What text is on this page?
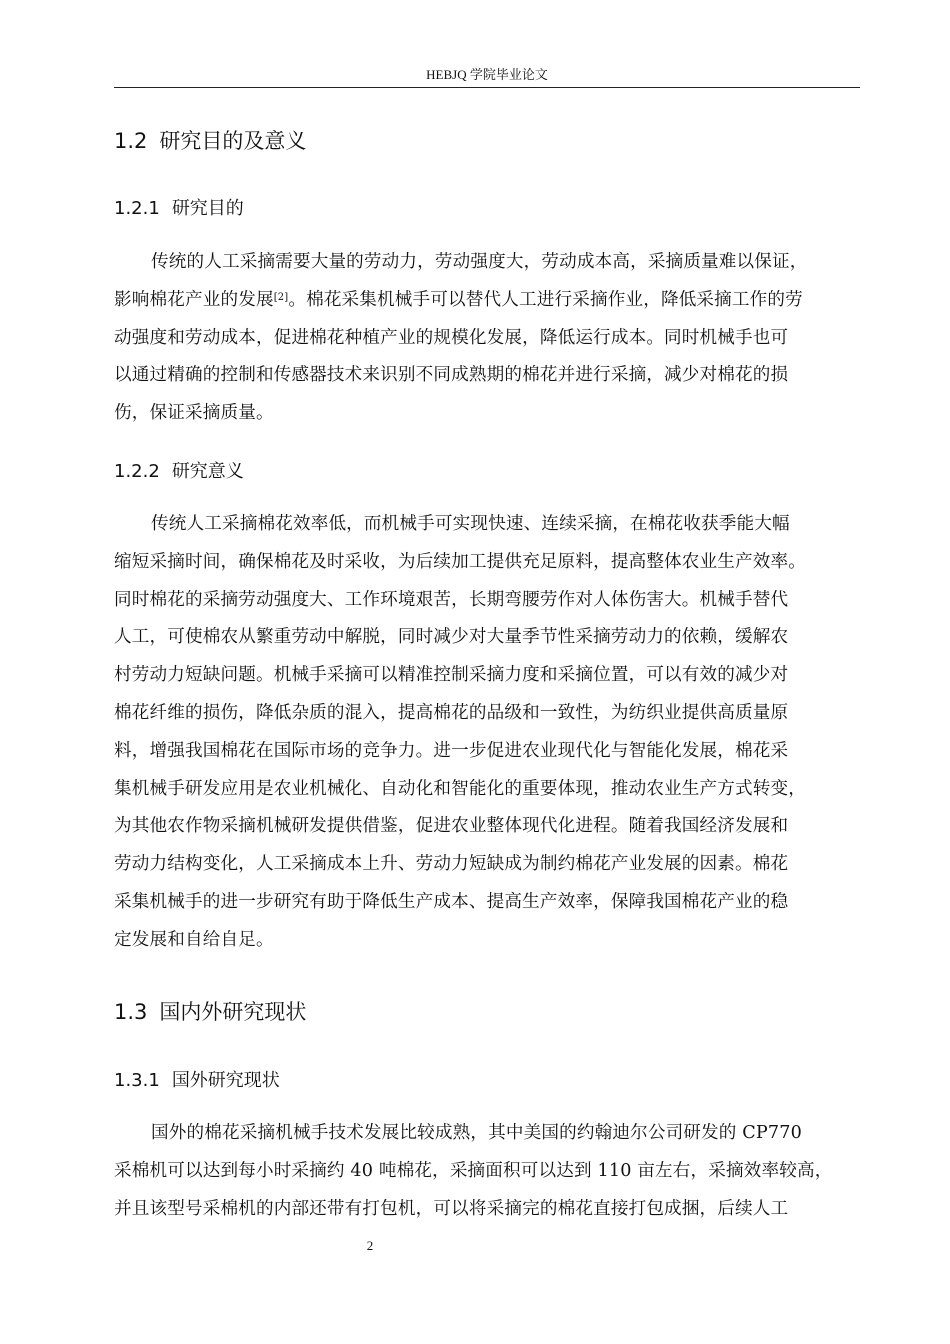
HEBJQ 学院毕业论文
1.2 研究目的及意义
1.2.1 研究目的
传统的人工采摘需要大量的劳动力，劳动强度大，劳动成本高，采摘质量难以保证，
影响棉花产业的发展[2]。棉花采集机械手可以替代人工进行采摘作业，降低采摘工作的劳
动强度和劳动成本，促进棉花种植产业的规模化发展，降低运行成本。同时机械手也可
以通过精确的控制和传感器技术来识别不同成熟期的棉花并进行采摘，减少对棉花的损
伤，保证采摘质量。
1.2.2 研究意义
传统人工采摘棉花效率低，而机械手可实现快速、连续采摘，在棉花收获季能大幅
缩短采摘时间，确保棉花及时采收，为后续加工提供充足原料，提高整体农业生产效率。
同时棉花的采摘劳动强度大、工作环境艰苦，长期弯腰劳作对人体伤害大。机械手替代
人工，可使棉农从繁重劳动中解脱，同时减少对大量季节性采摘劳动力的依赖，缓解农
村劳动力短缺问题。机械手采摘可以精准控制采摘力度和采摘位置，可以有效的减少对
棉花纤维的损伤，降低杂质的混入，提高棉花的品级和一致性，为纺织业提供高质量原
料，增强我国棉花在国际市场的竞争力。进一步促进农业现代化与智能化发展，棉花采
集机械手研发应用是农业机械化、自动化和智能化的重要体现，推动农业生产方式转变，
为其他农作物采摘机械研发提供借鉴，促进农业整体现代化进程。随着我国经济发展和
劳动力结构变化，人工采摘成本上升、劳动力短缺成为制约棉花产业发展的因素。棉花
采集机械手的进一步研究有助于降低生产成本、提高生产效率，保障我国棉花产业的稳
定发展和自给自足。
1.3 国内外研究现状
1.3.1 国外研究现状
国外的棉花采摘机械手技术发展比较成熟，其中美国的约翰迪尔公司研发的 CP770
采棉机可以达到每小时采摘约 40 吨棉花，采摘面积可以达到 110 亩左右，采摘效率较高，
并且该型号采棉机的内部还带有打包机，可以将采摘完的棉花直接打包成捆，后续人工
2
